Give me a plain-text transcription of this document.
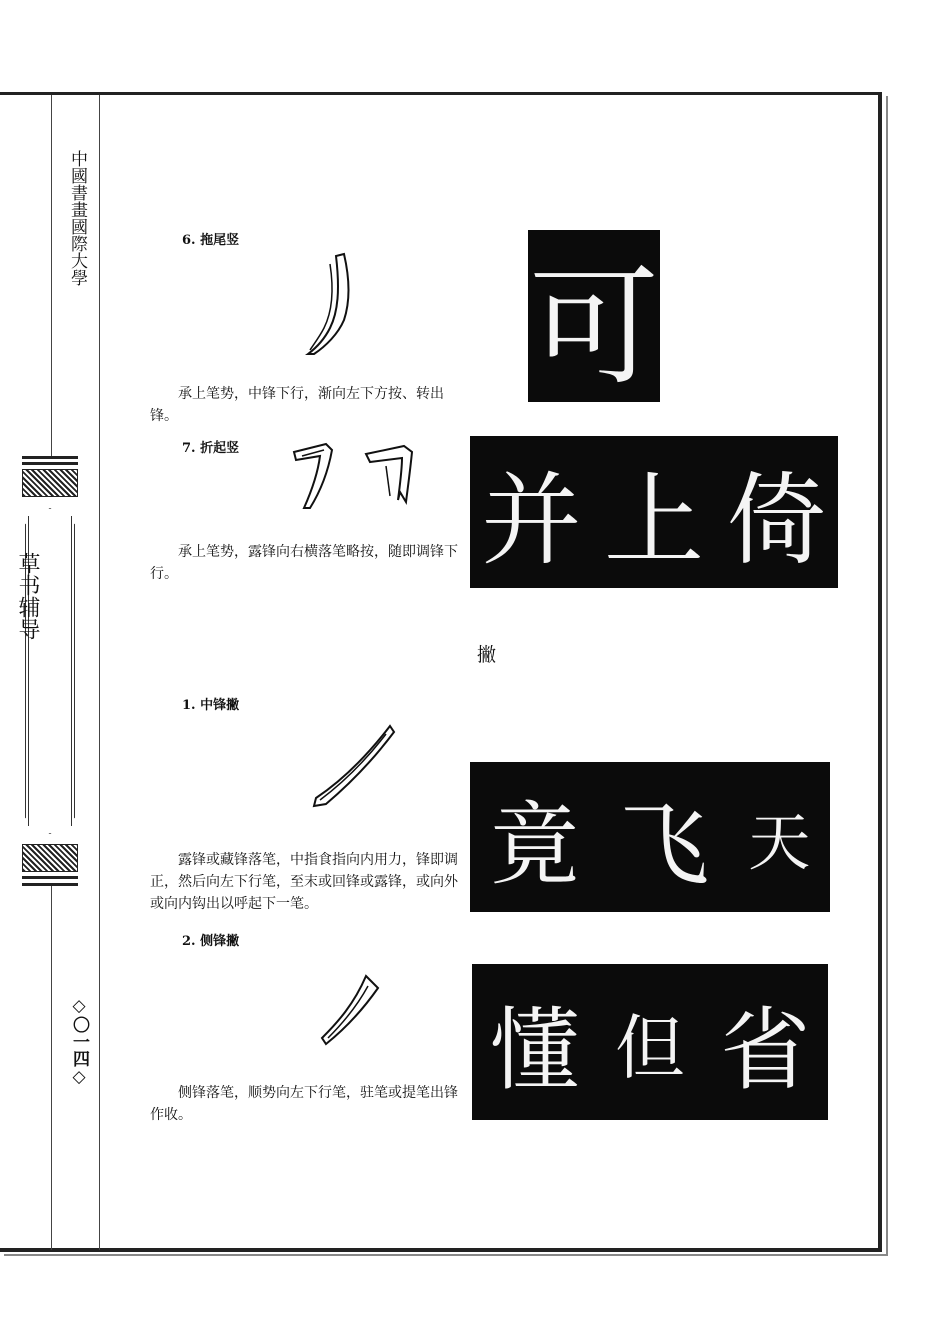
中國書畫國際大學
草书辅导
◇〇一四◇
6. 拖尾竖

承上笔势，中锋下行，渐向左下方按、转出锋。

可
7. 折起竖

承上笔势，露锋向右横落笔略按，随即调锋下行。	并 上 倚
撇
1. 中锋撇

露锋或藏锋落笔，中指食指向内用力，锋即调正，然后向左下行笔，至末或回锋或露锋，或向外或向内钩出以呼起下一笔。

竟 飞 天
2. 侧锋撇

侧锋落笔，顺势向左下行笔，驻笔或提笔出锋作收。

懂 但 省
